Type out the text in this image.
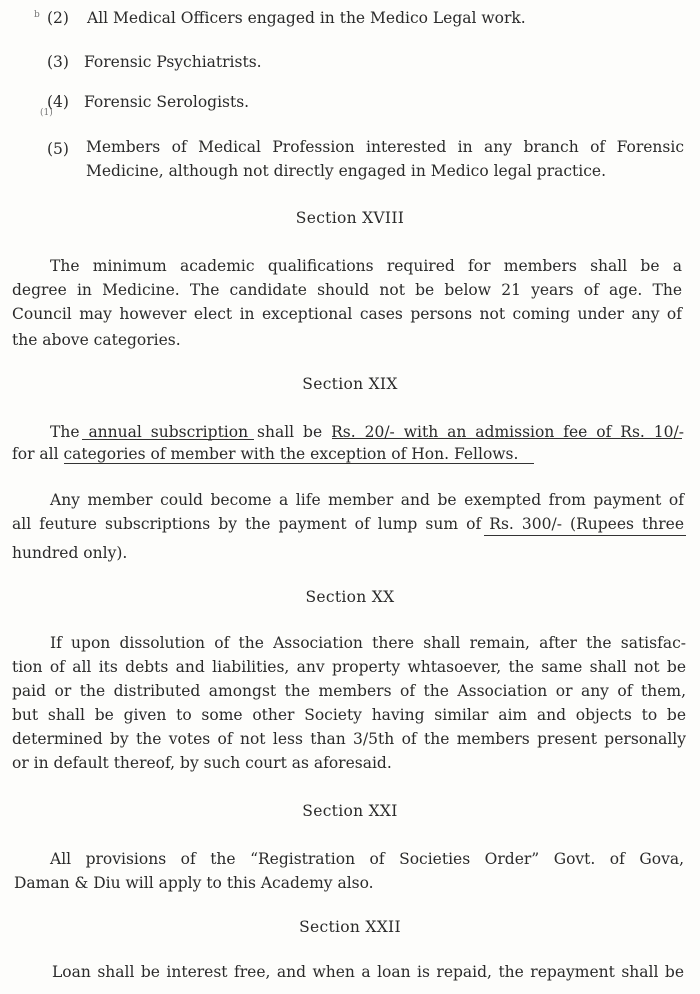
b
(1)
(2) All Medical Officers engaged in the Medico Legal work.
(3) Forensic Psychiatrists.
(4) Forensic Serologists.
(5) Members of Medical Profession interested in any branch of Forensic
Medicine, although not directly engaged in Medico legal practice.
Section XVIII
The minimum academic qualifications required for members shall be a
degree in Medicine. The candidate should not be below 21 years of age. The
Council may however elect in exceptional cases persons not coming under any of
the above categories.
Section XIX
The annual subscription shall be Rs. 20/- with an admission fee of Rs. 10/-
for all categories of member with the exception of Hon. Fellows.
Any member could become a life member and be exempted from payment of
all feuture subscriptions by the payment of lump sum of Rs. 300/- (Rupees three
hundred only).
Section XX
If upon dissolution of the Association there shall remain, after the satisfac-
tion of all its debts and liabilities, anv property whtasoever, the same shall not be
paid or the distributed amongst the members of the Association or any of them,
but shall be given to some other Society having similar aim and objects to be
determined by the votes of not less than 3/5th of the members present personally
or in default thereof, by such court as aforesaid.
Section XXI
All provisions of the “Registration of Societies Order” Govt. of Gova,
Daman & Diu will apply to this Academy also.
Section XXII
Loan shall be interest free, and when a loan is repaid, the repayment shall be
